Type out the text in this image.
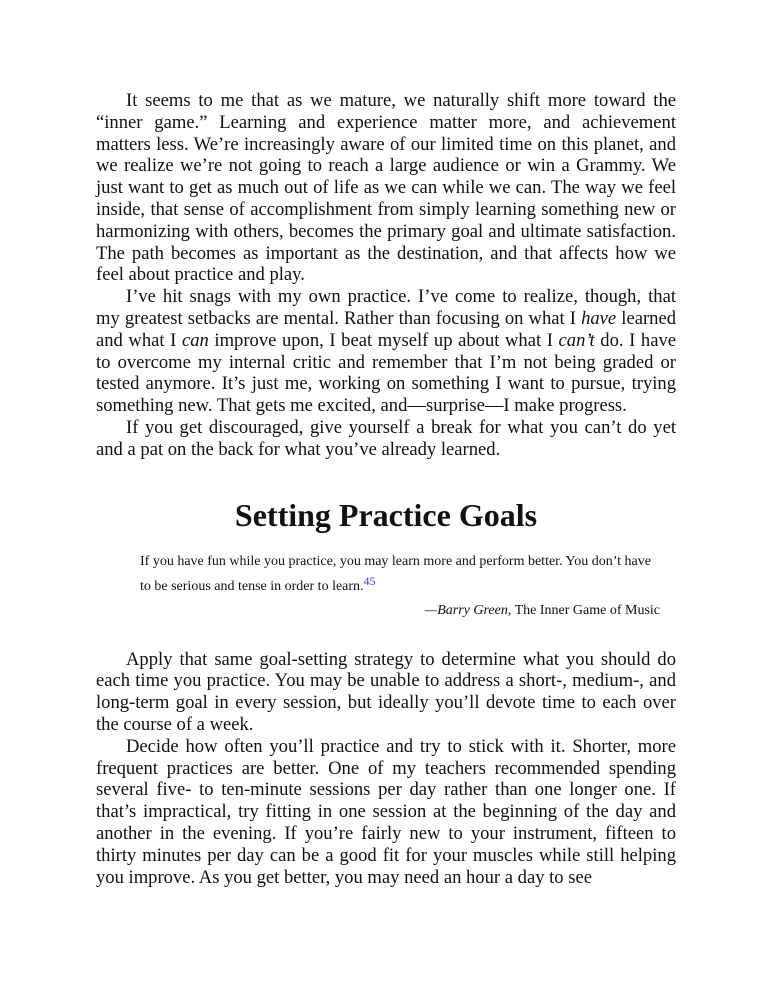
It seems to me that as we mature, we naturally shift more toward the “inner game.” Learning and experience matter more, and achievement matters less. We’re increasingly aware of our limited time on this planet, and we realize we’re not going to reach a large audience or win a Grammy. We just want to get as much out of life as we can while we can. The way we feel inside, that sense of accomplishment from simply learning something new or harmonizing with others, becomes the primary goal and ultimate satisfaction. The path becomes as important as the destination, and that affects how we feel about practice and play.

I’ve hit snags with my own practice. I’ve come to realize, though, that my greatest setbacks are mental. Rather than focusing on what I have learned and what I can improve upon, I beat myself up about what I can’t do. I have to overcome my internal critic and remember that I’m not being graded or tested anymore. It’s just me, working on something I want to pursue, trying something new. That gets me excited, and—surprise—I make progress.

If you get discouraged, give yourself a break for what you can’t do yet and a pat on the back for what you’ve already learned.

Setting Practice Goals
If you have fun while you practice, you may learn more and perform better. You don’t have to be serious and tense in order to learn.$^{45}$
—Barry Green, The Inner Game of Music

Apply that same goal-setting strategy to determine what you should do each time you practice. You may be unable to address a short-, medium-, and long-term goal in every session, but ideally you’ll devote time to each over the course of a week.

Decide how often you’ll practice and try to stick with it. Shorter, more frequent practices are better. One of my teachers recommended spending several five- to ten-minute sessions per day rather than one longer one. If that’s impractical, try fitting in one session at the beginning of the day and another in the evening. If you’re fairly new to your instrument, fifteen to thirty minutes per day can be a good fit for your muscles while still helping you improve. As you get better, you may need an hour a day to see
